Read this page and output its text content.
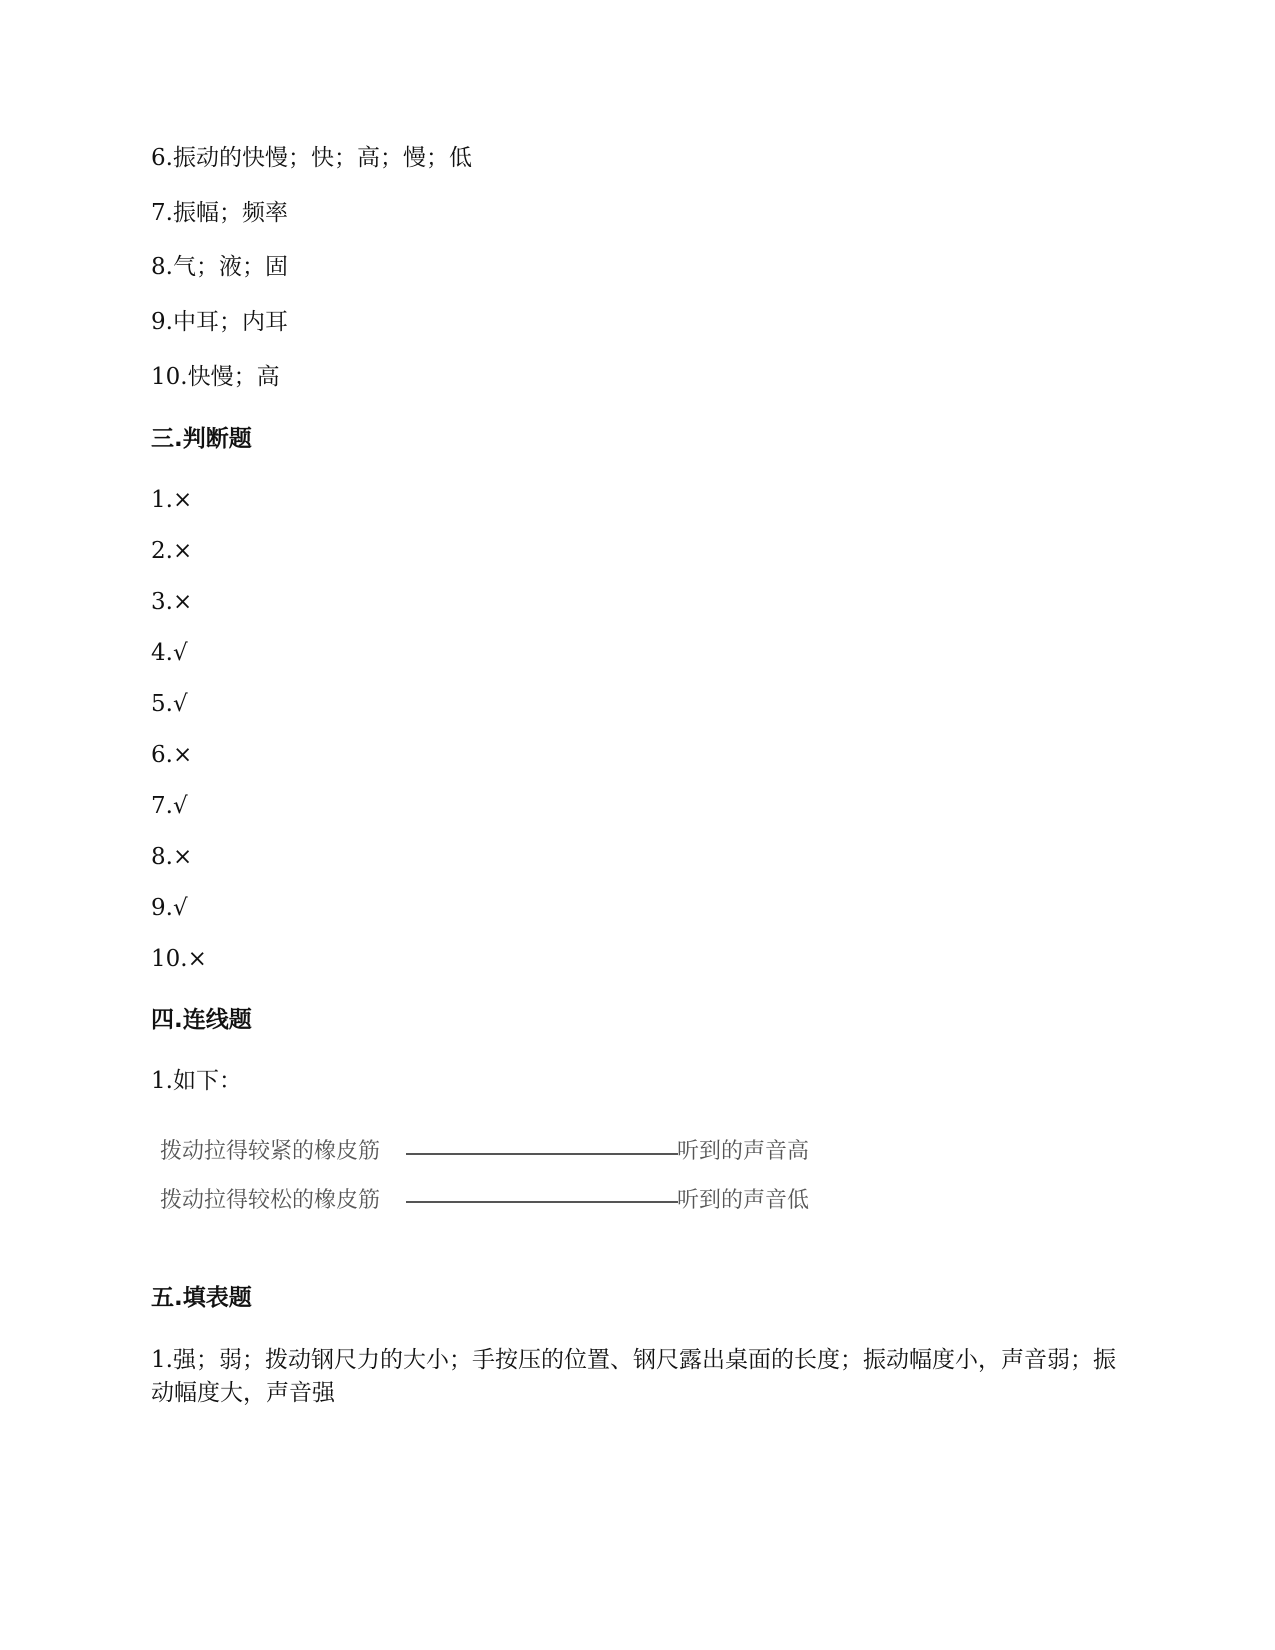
6.振动的快慢；快；高；慢；低
7.振幅；频率
8.气；液；固
9.中耳；内耳
10.快慢；高
三.判断题
1.×
2.×
3.×
4.√
5.√
6.×
7.√
8.×
9.√
10.×
四.连线题
1.如下：
拨动拉得较紧的橡皮筋	听到的声音高
拨动拉得较松的橡皮筋	听到的声音低
五.填表题
1.强；弱；拨动钢尺力的大小；手按压的位置、钢尺露出桌面的长度；振动幅度小，声音弱；振动幅度大，声音强
